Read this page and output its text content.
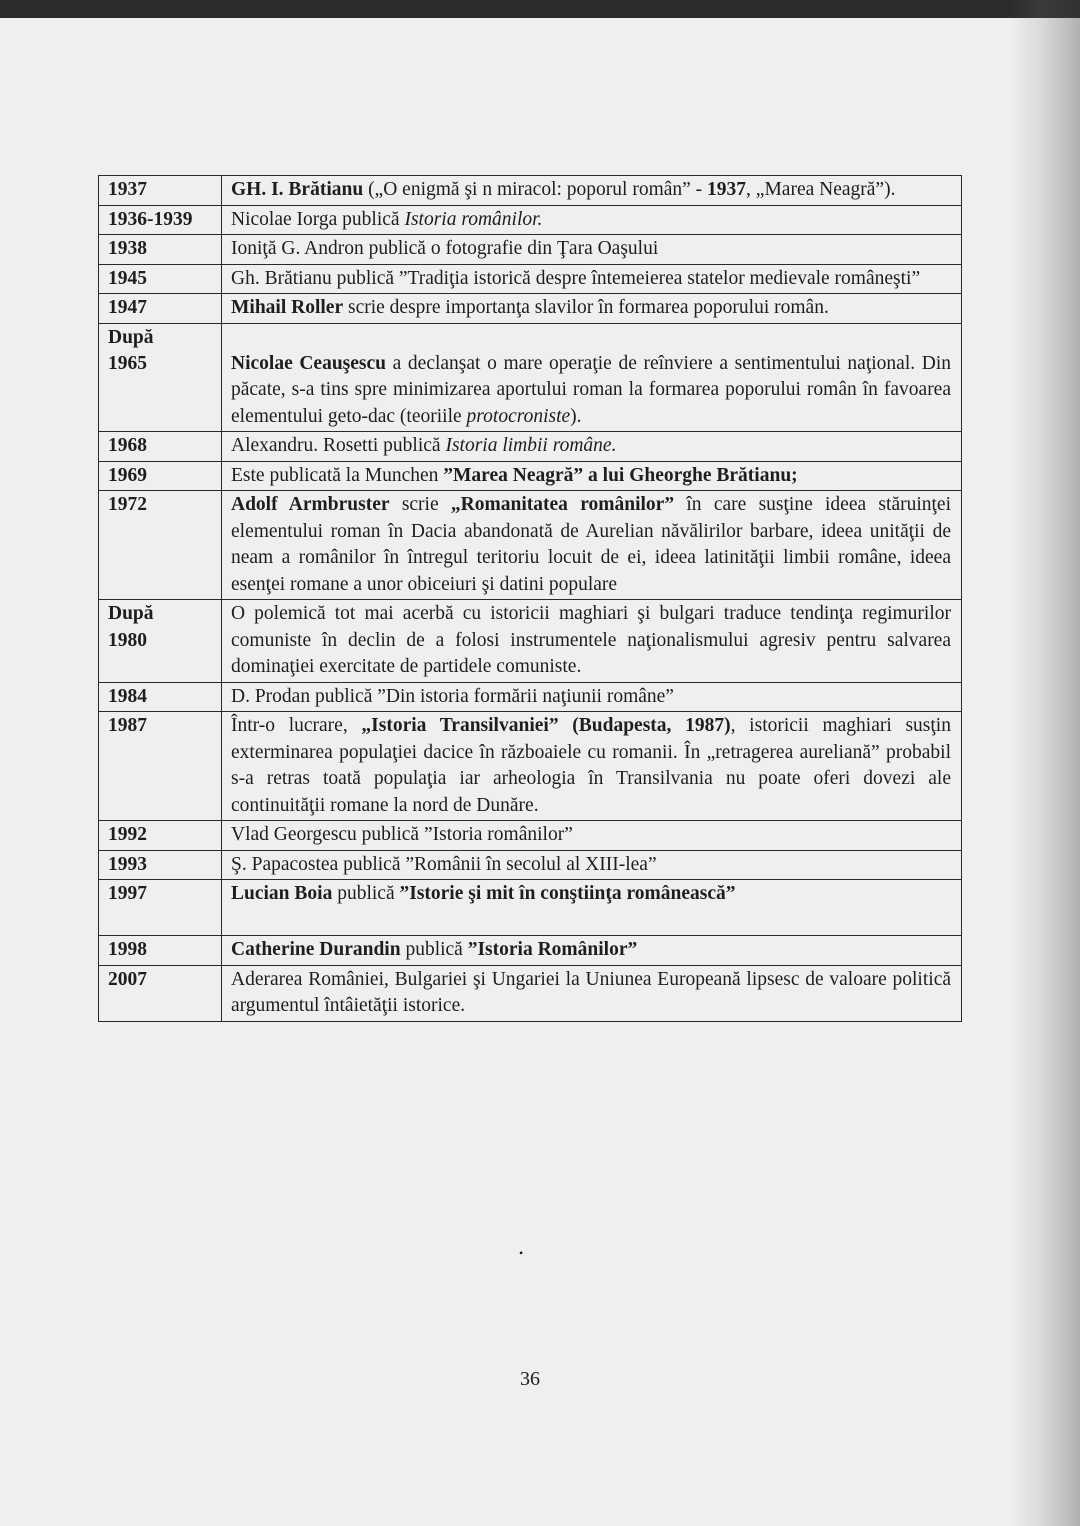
1937	GH. I. Brătianu („O enigmă şi n miracol: poporul român” - 1937, „Marea Neagră”).

1936-1939	Nicolae Iorga publică Istoria românilor.

1938	Ioniţă G. Andron publică o fotografie din Ţara Oaşului

1945	Gh. Brătianu publică ”Tradiţia istorică despre întemeierea statelor medievale româneşti”

1947	Mihail Roller scrie despre importanţa slavilor în formarea poporului român.

După
1965	Nicolae Ceauşescu a declanşat o mare operaţie de reînviere a sentimentului naţional. Din păcate, s-a tins spre minimizarea aportului roman la formarea poporului român în favoarea elementului geto-dac (teoriile protocroniste).

1968	Alexandru. Rosetti publică Istoria limbii române.

1969	Este publicată la Munchen ”Marea Neagră” a lui Gheorghe Brătianu;

1972	Adolf Armbruster scrie „Romanitatea românilor” în care susţine ideea stăruinţei elementului roman în Dacia abandonată de Aurelian năvălirilor barbare, ideea unităţii de neam a românilor în întregul teritoriu locuit de ei, ideea latinităţii limbii române, ideea esenţei romane a unor obiceiuri şi datini populare

După
1980	O polemică tot mai acerbă cu istoricii maghiari şi bulgari traduce tendinţa regimurilor comuniste în declin de a folosi instrumentele naţionalismului agresiv pentru salvarea dominaţiei exercitate de partidele comuniste.

1984	D. Prodan publică ”Din istoria formării naţiunii române”

1987	Într-o lucrare, „Istoria Transilvaniei” (Budapesta, 1987), istoricii maghiari susţin exterminarea populaţiei dacice în războaiele cu romanii. În „retragerea aureliană” probabil s-a retras toată populaţia iar arheologia în Transilvania nu poate oferi dovezi ale continuităţii romane la nord de Dunăre.

1992	Vlad Georgescu publică ”Istoria românilor”

1993	Ş. Papacostea publică ”Românii în secolul al XIII-lea”

1997	Lucian Boia publică ”Istorie şi mit în conştiinţa românească”

1998	Catherine Durandin publică ”Istoria Românilor”

2007	Aderarea României, Bulgariei şi Ungariei la Uniunea Europeană lipsesc de valoare politică argumentul întâietăţii istorice.
•
36
